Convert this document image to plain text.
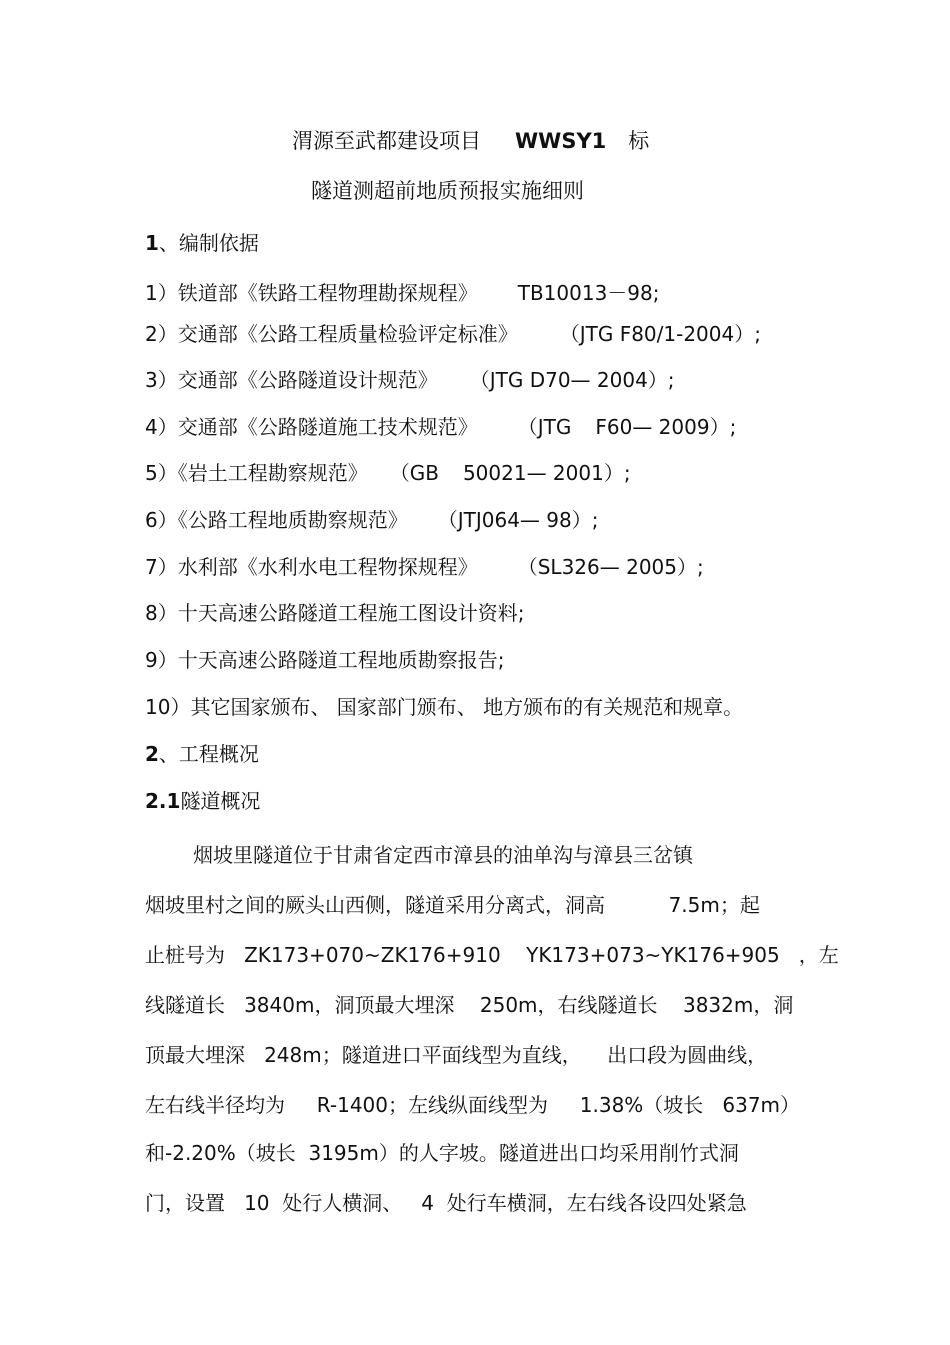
渭源至武都建设项目 WWSY1 标
隧道测超前地质预报实施细则
1、编制依据
1）铁道部《铁路工程物理勘探规程》 TB10013－98;
2）交通部《公路工程质量检验评定标准》 （JTG F80/1-2004）;
3）交通部《公路隧道设计规范》 （JTG D70— 2004）;
4）交通部《公路隧道施工技术规范》 （JTG F60— 2009）;
5）《岩土工程勘察规范》 （GB 50021— 2001）;
6）《公路工程地质勘察规范》 （JTJ064— 98）;
7）水利部《水利水电工程物探规程》 （SL326— 2005）;
8）十天高速公路隧道工程施工图设计资料;
9）十天高速公路隧道工程地质勘察报告;
10）其它国家颁布、 国家部门颁布、 地方颁布的有关规范和规章。
2、工程概况
2.1隧道概况
烟坡里隧道位于甘肃省定西市漳县的油单沟与漳县三岔镇
烟坡里村之间的厥头山西侧，隧道采用分离式，洞高          7.5m；起
止桩号为   ZK173+070~ZK176+910    YK173+073~YK176+905   ，左
线隧道长   3840m，洞顶最大埋深    250m，右线隧道长    3832m，洞
顶最大埋深   248m；隧道进口平面线型为直线，    出口段为圆曲线，
左右线半径均为     R-1400；左线纵面线型为     1.38%（坡长   637m）
和-2.20%（坡长  3195m）的人字坡。隧道进出口均采用削竹式洞
门，设置   10  处行人横洞、   4  处行车横洞，左右线各设四处紧急
